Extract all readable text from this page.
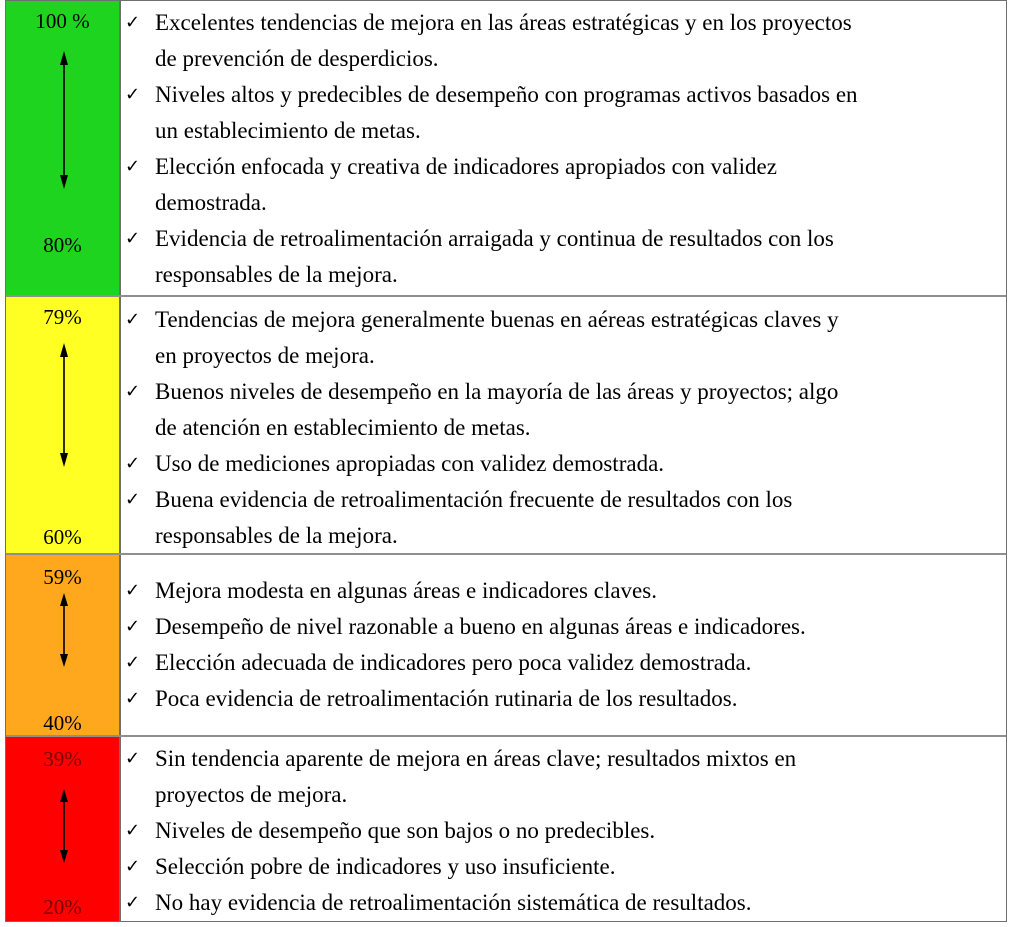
100 %
80%
✓ Excelentes tendencias de mejora en las áreas estratégicas y en los proyectos
de prevención de desperdicios.
✓ Niveles altos y predecibles de desempeño con programas activos basados en
un establecimiento de metas.
✓ Elección enfocada y creativa de indicadores apropiados con validez
demostrada.
✓ Evidencia de retroalimentación arraigada y continua de resultados con los
responsables de la mejora.
79%
60%
✓ Tendencias de mejora generalmente buenas en aéreas estratégicas claves y
en proyectos de mejora.
✓ Buenos niveles de desempeño en la mayoría de las áreas y proyectos; algo
de atención en establecimiento de metas.
✓ Uso de mediciones apropiadas con validez demostrada.
✓ Buena evidencia de retroalimentación frecuente de resultados con los
responsables de la mejora.
59%
40%
✓ Mejora modesta en algunas áreas e indicadores claves.
✓ Desempeño de nivel razonable a bueno en algunas áreas e indicadores.
✓ Elección adecuada de indicadores pero poca validez demostrada.
✓ Poca evidencia de retroalimentación rutinaria de los resultados.
39%
20%
✓ Sin tendencia aparente de mejora en áreas clave; resultados mixtos en
proyectos de mejora.
✓ Niveles de desempeño que son bajos o no predecibles.
✓ Selección pobre de indicadores y uso insuficiente.
✓ No hay evidencia de retroalimentación sistemática de resultados.
